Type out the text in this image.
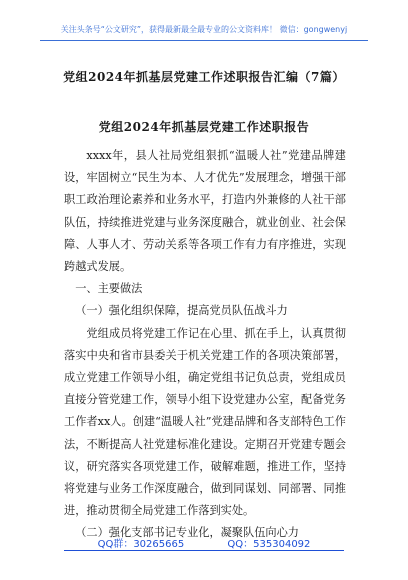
关注头条号“公文研究”，获得最新最全最专业的公文资料库！ 微信：gongwenyj
党组2024年抓基层党建工作述职报告汇编（7篇）
党组2024年抓基层党建工作述职报告

xxxx年，县人社局党组狠抓“温暖人社”党建品牌建设，牢固树立“民生为本、人才优先”发展理念，增强干部职工政治理论素养和业务水平，打造内外兼修的人社干部队伍，持续推进党建与业务深度融合，就业创业、社会保障、人事人才、劳动关系等各项工作有力有序推进，实现跨越式发展。

一、主要做法

（一）强化组织保障，提高党员队伍战斗力

党组成员将党建工作记在心里、抓在手上，认真贯彻落实中央和省市县委关于机关党建工作的各项决策部署，成立党建工作领导小组，确定党组书记负总责，党组成员直接分管党建工作，领导小组下设党建办公室，配备党务工作者xx人。创建“温暖人社”党建品牌和各支部特色工作法，不断提高人社党建标准化建设。定期召开党建专题会议，研究落实各项党建工作，破解难题，推进工作，坚持将党建与业务工作深度融合，做到同谋划、同部署、同推进，推动贯彻全局党建工作落到实处。

（二）强化支部书记专业化，凝聚队伍向心力

QQ群：30265665	QQ：535304092
